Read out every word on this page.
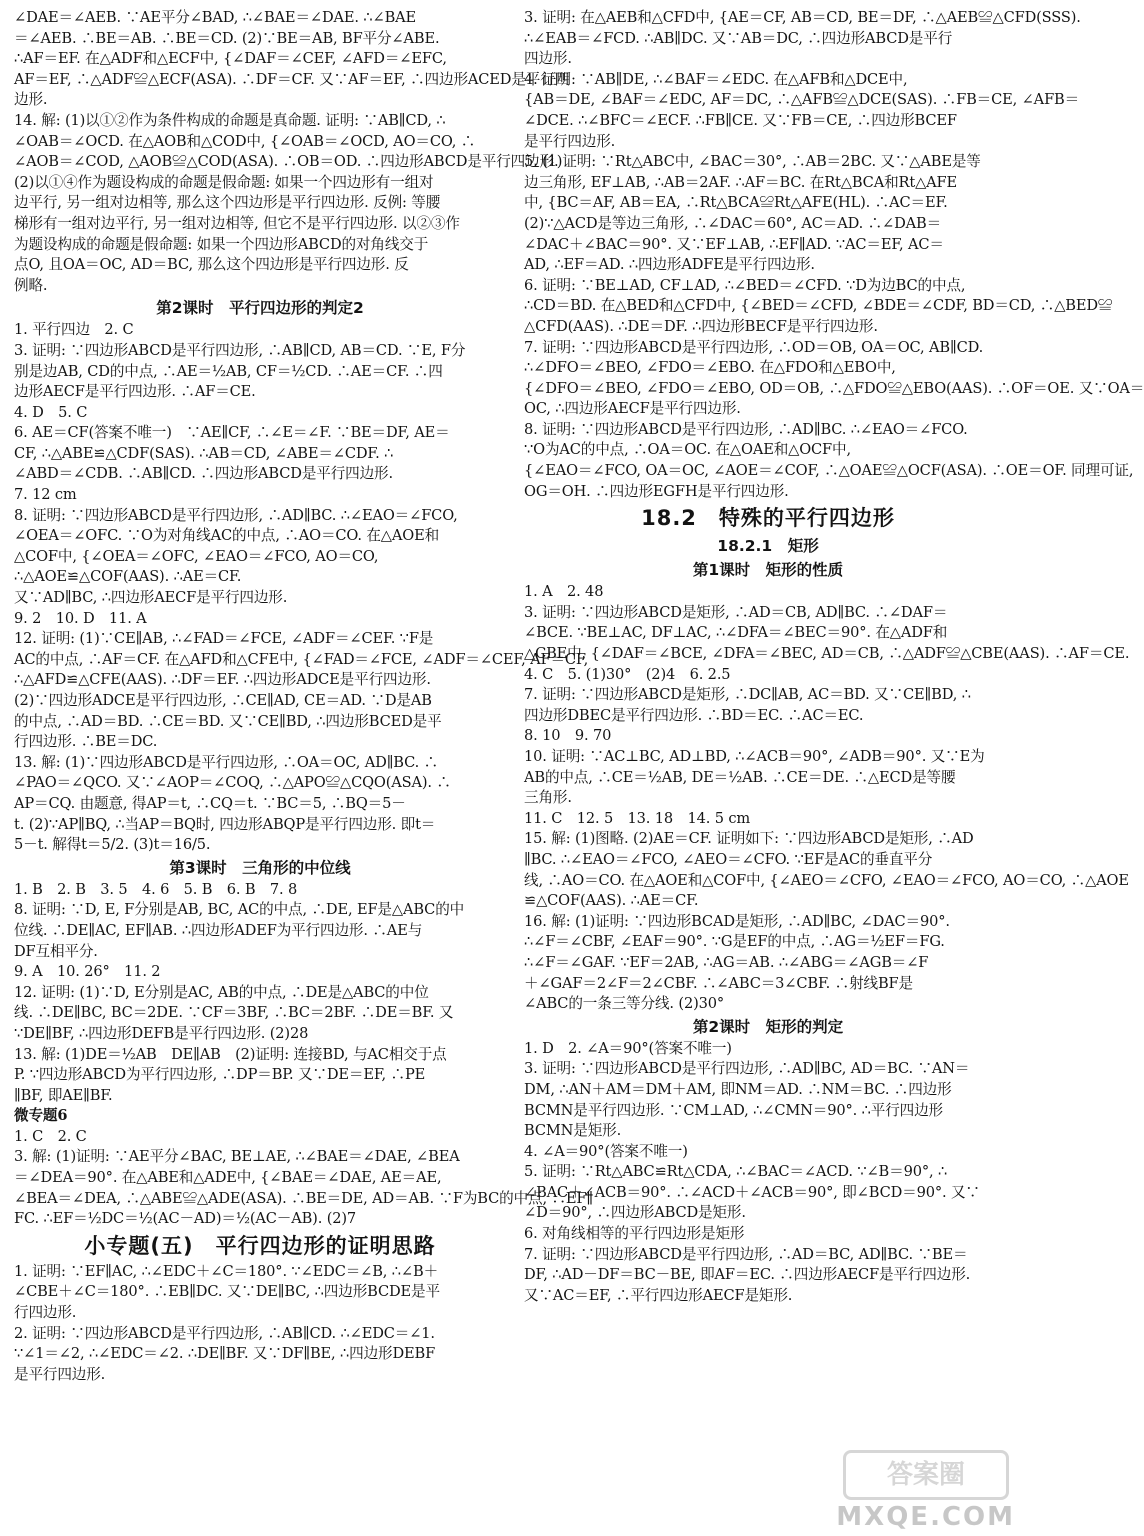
∠DAE＝∠AEB. ∵AE平分∠BAD, ∴∠BAE＝∠DAE. ∴∠BAE
＝∠AEB. ∴BE＝AB. ∴BE＝CD. (2)∵BE＝AB, BF平分∠ABE.
∴AF＝EF. 在△ADF和△ECF中, {∠DAF＝∠CEF, ∠AFD＝∠EFC,
AF＝EF, ∴△ADF≌△ECF(ASA). ∴DF＝CF. 又∵AF＝EF, ∴四边形ACED是平行四
边形.
14. 解: (1)以①②作为条件构成的命题是真命题. 证明: ∵AB∥CD, ∴
∠OAB＝∠OCD. 在△AOB和△COD中, {∠OAB＝∠OCD, AO＝CO, ∴
∠AOB＝∠COD, △AOB≌△COD(ASA). ∴OB＝OD. ∴四边形ABCD是平行四边形.
(2)以①④作为题设构成的命题是假命题: 如果一个四边形有一组对
边平行, 另一组对边相等, 那么这个四边形是平行四边形. 反例: 等腰
梯形有一组对边平行, 另一组对边相等, 但它不是平行四边形. 以②③作
为题设构成的命题是假命题: 如果一个四边形ABCD的对角线交于
点O, 且OA＝OC, AD＝BC, 那么这个四边形是平行四边形. 反
例略.
第2课时　平行四边形的判定2
1. 平行四边　2. C
3. 证明: ∵四边形ABCD是平行四边形, ∴AB∥CD, AB＝CD. ∵E, F分
别是边AB, CD的中点, ∴AE＝½AB, CF＝½CD. ∴AE＝CF. ∴四
边形AECF是平行四边形. ∴AF＝CE.
4. D　5. C
6. AE＝CF(答案不唯一)　∵AE∥CF, ∴∠E＝∠F. ∵BE＝DF, AE＝
CF, ∴△ABE≌△CDF(SAS). ∴AB＝CD, ∠ABE＝∠CDF. ∴
∠ABD＝∠CDB. ∴AB∥CD. ∴四边形ABCD是平行四边形.
7. 12 cm
8. 证明: ∵四边形ABCD是平行四边形, ∴AD∥BC. ∴∠EAO＝∠FCO,
∠OEA＝∠OFC. ∵O为对角线AC的中点, ∴AO＝CO. 在△AOE和
△COF中, {∠OEA＝∠OFC, ∠EAO＝∠FCO, AO＝CO,
∴△AOE≌△COF(AAS). ∴AE＝CF.
又∵AD∥BC, ∴四边形AECF是平行四边形.
9. 2　10. D　11. A
12. 证明: (1)∵CE∥AB, ∴∠FAD＝∠FCE, ∠ADF＝∠CEF. ∵F是
AC的中点, ∴AF＝CF. 在△AFD和△CFE中, {∠FAD＝∠FCE, ∠ADF＝∠CEF, AF＝CF,
∴△AFD≌△CFE(AAS). ∴DF＝EF. ∴四边形ADCE是平行四边形.
(2)∵四边形ADCE是平行四边形, ∴CE∥AD, CE＝AD. ∵D是AB
的中点, ∴AD＝BD. ∴CE＝BD. 又∵CE∥BD, ∴四边形BCED是平
行四边形. ∴BE＝DC.
13. 解: (1)∵四边形ABCD是平行四边形, ∴OA＝OC, AD∥BC. ∴
∠PAO＝∠QCO. 又∵∠AOP＝∠COQ, ∴△APO≌△CQO(ASA). ∴
AP＝CQ. 由题意, 得AP＝t, ∴CQ＝t. ∵BC＝5, ∴BQ＝5－
t. (2)∵AP∥BQ, ∴当AP＝BQ时, 四边形ABQP是平行四边形. 即t＝
5－t. 解得t＝5/2. (3)t＝16/5.
第3课时　三角形的中位线
1. B　2. B　3. 5　4. 6　5. B　6. B　7. 8
8. 证明: ∵D, E, F分别是AB, BC, AC的中点, ∴DE, EF是△ABC的中
位线. ∴DE∥AC, EF∥AB. ∴四边形ADEF为平行四边形. ∴AE与
DF互相平分.
9. A　10. 26°　11. 2
12. 证明: (1)∵D, E分别是AC, AB的中点, ∴DE是△ABC的中位
线. ∴DE∥BC, BC＝2DE. ∵CF＝3BF, ∴BC＝2BF. ∴DE＝BF. 又
∵DE∥BF, ∴四边形DEFB是平行四边形. (2)28
13. 解: (1)DE＝½AB　DE∥AB　(2)证明: 连接BD, 与AC相交于点
P. ∵四边形ABCD为平行四边形, ∴DP＝BP. 又∵DE＝EF, ∴PE
∥BF, 即AE∥BF.
微专题6
1. C　2. C
3. 解: (1)证明: ∵AE平分∠BAC, BE⊥AE, ∴∠BAE＝∠DAE, ∠BEA
＝∠DEA＝90°. 在△ABE和△ADE中, {∠BAE＝∠DAE, AE＝AE,
∠BEA＝∠DEA, ∴△ABE≌△ADE(ASA). ∴BE＝DE, AD＝AB. ∵F为BC的中点, ∴EF∥
FC. ∴EF＝½DC＝½(AC－AD)＝½(AC－AB). (2)7
小专题(五)　平行四边形的证明思路
1. 证明: ∵EF∥AC, ∴∠EDC＋∠C＝180°. ∵∠EDC＝∠B, ∴∠B＋
∠CBE＋∠C＝180°. ∴EB∥DC. 又∵DE∥BC, ∴四边形BCDE是平
行四边形.
2. 证明: ∵四边形ABCD是平行四边形, ∴AB∥CD. ∴∠EDC＝∠1.
∵∠1＝∠2, ∴∠EDC＝∠2. ∴DE∥BF. 又∵DF∥BE, ∴四边形DEBF
是平行四边形.
3. 证明: 在△AEB和△CFD中, {AE＝CF, AB＝CD, BE＝DF, ∴△AEB≌△CFD(SSS).
∴∠EAB＝∠FCD. ∴AB∥DC. 又∵AB＝DC, ∴四边形ABCD是平行
四边形.
4. 证明: ∵AB∥DE, ∴∠BAF＝∠EDC. 在△AFB和△DCE中,
{AB＝DE, ∠BAF＝∠EDC, AF＝DC, ∴△AFB≌△DCE(SAS). ∴FB＝CE, ∠AFB＝
∠DCE. ∴∠BFC＝∠ECF. ∴FB∥CE. 又∵FB＝CE, ∴四边形BCEF
是平行四边形.
5. (1)证明: ∵Rt△ABC中, ∠BAC＝30°, ∴AB＝2BC. 又∵△ABE是等
边三角形, EF⊥AB, ∴AB＝2AF. ∴AF＝BC. 在Rt△BCA和Rt△AFE
中, {BC＝AF, AB＝EA, ∴Rt△BCA≌Rt△AFE(HL). ∴AC＝EF.
(2)∵△ACD是等边三角形, ∴∠DAC＝60°, AC＝AD. ∴∠DAB＝
∠DAC＋∠BAC＝90°. 又∵EF⊥AB, ∴EF∥AD. ∵AC＝EF, AC＝
AD, ∴EF＝AD. ∴四边形ADFE是平行四边形.
6. 证明: ∵BE⊥AD, CF⊥AD, ∴∠BED＝∠CFD. ∵D为边BC的中点,
∴CD＝BD. 在△BED和△CFD中, {∠BED＝∠CFD, ∠BDE＝∠CDF, BD＝CD, ∴△BED≌
△CFD(AAS). ∴DE＝DF. ∴四边形BECF是平行四边形.
7. 证明: ∵四边形ABCD是平行四边形, ∴OD＝OB, OA＝OC, AB∥CD.
∴∠DFO＝∠BEO, ∠FDO＝∠EBO. 在△FDO和△EBO中,
{∠DFO＝∠BEO, ∠FDO＝∠EBO, OD＝OB, ∴△FDO≌△EBO(AAS). ∴OF＝OE. 又∵OA＝
OC, ∴四边形AECF是平行四边形.
8. 证明: ∵四边形ABCD是平行四边形, ∴AD∥BC. ∴∠EAO＝∠FCO.
∵O为AC的中点, ∴OA＝OC. 在△OAE和△OCF中,
{∠EAO＝∠FCO, OA＝OC, ∠AOE＝∠COF, ∴△OAE≌△OCF(ASA). ∴OE＝OF. 同理可证,
OG＝OH. ∴四边形EGFH是平行四边形.
18.2　特殊的平行四边形
18.2.1　矩形
第1课时　矩形的性质
1. A　2. 48
3. 证明: ∵四边形ABCD是矩形, ∴AD＝CB, AD∥BC. ∴∠DAF＝
∠BCE. ∵BE⊥AC, DF⊥AC, ∴∠DFA＝∠BEC＝90°. 在△ADF和
△CBE中, {∠DAF＝∠BCE, ∠DFA＝∠BEC, AD＝CB, ∴△ADF≌△CBE(AAS). ∴AF＝CE.
4. C　5. (1)30°　(2)4　6. 2.5
7. 证明: ∵四边形ABCD是矩形, ∴DC∥AB, AC＝BD. 又∵CE∥BD, ∴
四边形DBEC是平行四边形. ∴BD＝EC. ∴AC＝EC.
8. 10　9. 70
10. 证明: ∵AC⊥BC, AD⊥BD, ∴∠ACB＝90°, ∠ADB＝90°. 又∵E为
AB的中点, ∴CE＝½AB, DE＝½AB. ∴CE＝DE. ∴△ECD是等腰
三角形.
11. C　12. 5　13. 18　14. 5 cm
15. 解: (1)图略. (2)AE＝CF. 证明如下: ∵四边形ABCD是矩形, ∴AD
∥BC. ∴∠EAO＝∠FCO, ∠AEO＝∠CFO. ∵EF是AC的垂直平分
线, ∴AO＝CO. 在△AOE和△COF中, {∠AEO＝∠CFO, ∠EAO＝∠FCO, AO＝CO, ∴△AOE
≌△COF(AAS). ∴AE＝CF.
16. 解: (1)证明: ∵四边形BCAD是矩形, ∴AD∥BC, ∠DAC＝90°.
∴∠F＝∠CBF, ∠EAF＝90°. ∵G是EF的中点, ∴AG＝½EF＝FG.
∴∠F＝∠GAF. ∵EF＝2AB, ∴AG＝AB. ∴∠ABG＝∠AGB＝∠F
＋∠GAF＝2∠F＝2∠CBF. ∴∠ABC＝3∠CBF. ∴射线BF是
∠ABC的一条三等分线. (2)30°
第2课时　矩形的判定
1. D　2. ∠A＝90°(答案不唯一)
3. 证明: ∵四边形ABCD是平行四边形, ∴AD∥BC, AD＝BC. ∵AN＝
DM, ∴AN＋AM＝DM＋AM, 即NM＝AD. ∴NM＝BC. ∴四边形
BCMN是平行四边形. ∵CM⊥AD, ∴∠CMN＝90°. ∴平行四边形
BCMN是矩形.
4. ∠A＝90°(答案不唯一)
5. 证明: ∵Rt△ABC≌Rt△CDA, ∴∠BAC＝∠ACD. ∵∠B＝90°, ∴
∠BAC＋∠ACB＝90°. ∴∠ACD＋∠ACB＝90°, 即∠BCD＝90°. 又∵
∠D＝90°, ∴四边形ABCD是矩形.
6. 对角线相等的平行四边形是矩形
7. 证明: ∵四边形ABCD是平行四边形, ∴AD＝BC, AD∥BC. ∵BE＝
DF, ∴AD－DF＝BC－BE, 即AF＝EC. ∴四边形AECF是平行四边形.
又∵AC＝EF, ∴平行四边形AECF是矩形.
答案圈
MXQE.COM
